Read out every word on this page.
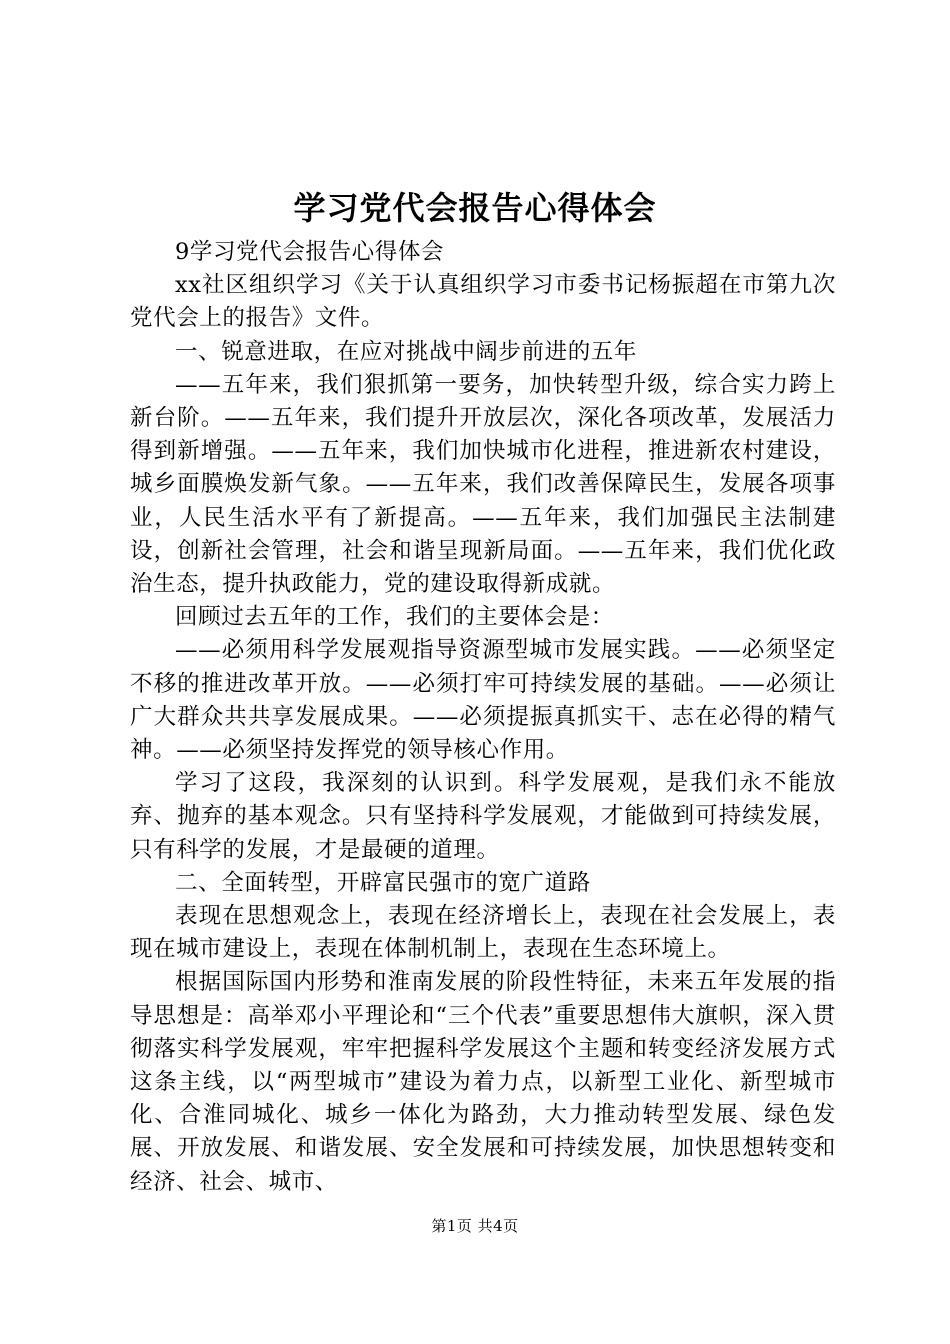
学习党代会报告心得体会

9学习党代会报告心得体会

xx社区组织学习《关于认真组织学习市委书记杨振超在市第九次党代会上的报告》文件。

一、锐意进取，在应对挑战中阔步前进的五年

——五年来，我们狠抓第一要务，加快转型升级，综合实力跨上新台阶。——五年来，我们提升开放层次，深化各项改革，发展活力得到新增强。——五年来，我们加快城市化进程，推进新农村建设，城乡面膜焕发新气象。——五年来，我们改善保障民生，发展各项事业，人民生活水平有了新提高。——五年来，我们加强民主法制建设，创新社会管理，社会和谐呈现新局面。——五年来，我们优化政治生态，提升执政能力，党的建设取得新成就。

回顾过去五年的工作，我们的主要体会是：

——必须用科学发展观指导资源型城市发展实践。——必须坚定不移的推进改革开放。——必须打牢可持续发展的基础。——必须让广大群众共共享发展成果。——必须提振真抓实干、志在必得的精气神。——必须坚持发挥党的领导核心作用。

学习了这段，我深刻的认识到。科学发展观，是我们永不能放弃、抛弃的基本观念。只有坚持科学发展观，才能做到可持续发展，只有科学的发展，才是最硬的道理。

二、全面转型，开辟富民强市的宽广道路

表现在思想观念上，表现在经济增长上，表现在社会发展上，表现在城市建设上，表现在体制机制上，表现在生态环境上。

根据国际国内形势和淮南发展的阶段性特征，未来五年发展的指导思想是：高举邓小平理论和“三个代表”重要思想伟大旗帜，深入贯彻落实科学发展观，牢牢把握科学发展这个主题和转变经济发展方式这条主线，以“两型城市”建设为着力点，以新型工业化、新型城市化、合淮同城化、城乡一体化为路劲，大力推动转型发展、绿色发展、开放发展、和谐发展、安全发展和可持续发展，加快思想转变和经济、社会、城市、

第1页 共4页
